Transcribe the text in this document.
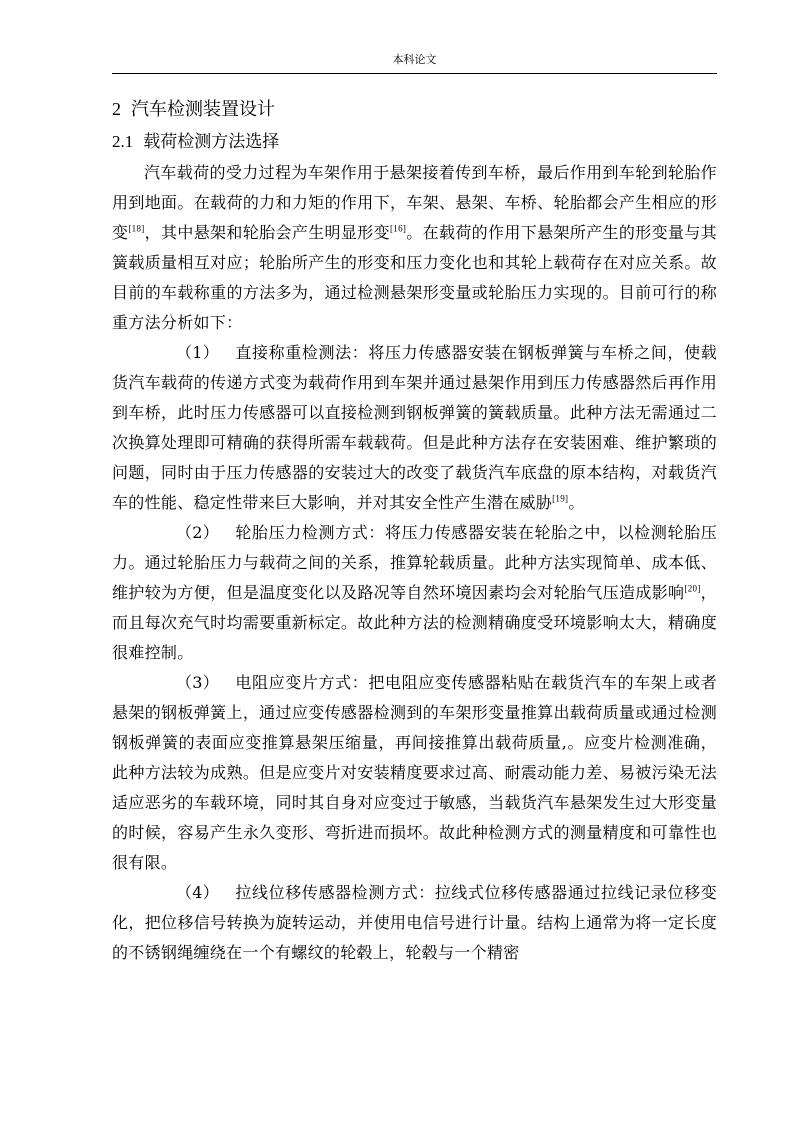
本科论文
2 汽车检测装置设计
2.1 载荷检测方法选择

汽车载荷的受力过程为车架作用于悬架接着传到车桥，最后作用到车轮到轮胎作用到地面。在载荷的力和力矩的作用下，车架、悬架、车桥、轮胎都会产生相应的形变[18]，其中悬架和轮胎会产生明显形变[16]。在载荷的作用下悬架所产生的形变量与其簧载质量相互对应；轮胎所产生的形变和压力变化也和其轮上载荷存在对应关系。故目前的车载称重的方法多为，通过检测悬架形变量或轮胎压力实现的。目前可行的称重方法分析如下：

（1） 直接称重检测法：将压力传感器安装在钢板弹簧与车桥之间，使载货汽车载荷的传递方式变为载荷作用到车架并通过悬架作用到压力传感器然后再作用到车桥，此时压力传感器可以直接检测到钢板弹簧的簧载质量。此种方法无需通过二次换算处理即可精确的获得所需车载载荷。但是此种方法存在安装困难、维护繁琐的问题，同时由于压力传感器的安装过大的改变了载货汽车底盘的原本结构，对载货汽车的性能、稳定性带来巨大影响，并对其安全性产生潜在威胁[19]。

（2） 轮胎压力检测方式：将压力传感器安装在轮胎之中，以检测轮胎压力。通过轮胎压力与载荷之间的关系，推算轮载质量。此种方法实现简单、成本低、维护较为方便，但是温度变化以及路况等自然环境因素均会对轮胎气压造成影响[20]，而且每次充气时均需要重新标定。故此种方法的检测精确度受环境影响太大，精确度很难控制。

（3） 电阻应变片方式：把电阻应变传感器粘贴在载货汽车的车架上或者悬架的钢板弹簧上，通过应变传感器检测到的车架形变量推算出载荷质量或通过检测钢板弹簧的表面应变推算悬架压缩量，再间接推算出载荷质量,。应变片检测准确，此种方法较为成熟。但是应变片对安装精度要求过高、耐震动能力差、易被污染无法适应恶劣的车载环境，同时其自身对应变过于敏感，当载货汽车悬架发生过大形变量的时候，容易产生永久变形、弯折进而损坏。故此种检测方式的测量精度和可靠性也很有限。

（4） 拉线位移传感器检测方式：拉线式位移传感器通过拉线记录位移变化，把位移信号转换为旋转运动，并使用电信号进行计量。结构上通常为将一定长度的不锈钢绳缠绕在一个有螺纹的轮毂上，轮毂与一个精密
